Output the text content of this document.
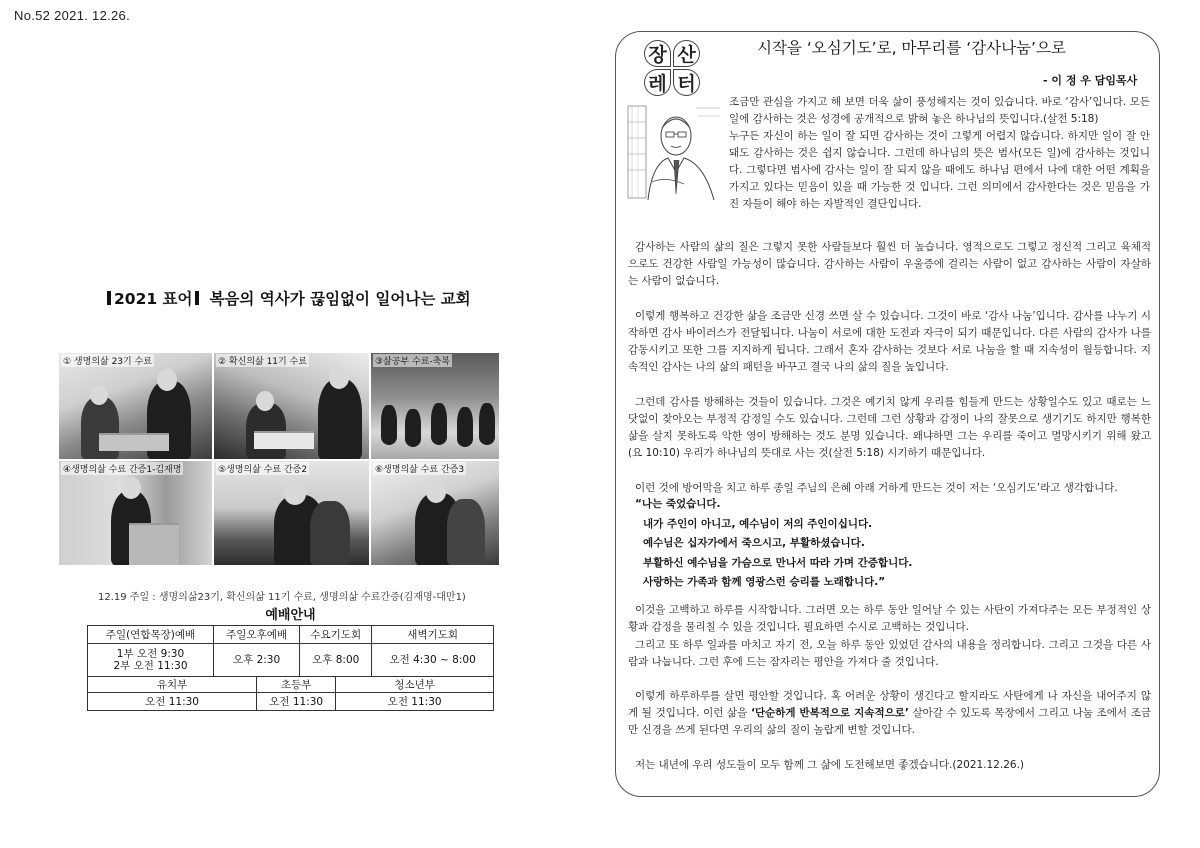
No.52 2021. 12.26.
2021 표어 복음의 역사가 끊임없이 일어나는 교회
① 생명의삶 23기 수료	② 확신의삶 11기 수료	③삶공부 수료-축복
④생명의삶 수료 간증1-김재명	⑤생명의삶 수료 간증2	⑥생명의삶 수료 간증3
12.19 주일 : 생명의삶23기, 확신의삶 11기 수료, 생명의삶 수료간증(김재명-대만1)
예배안내					
주일(연합목장)예배	주일오후예배		수요기도회		새벽기도회

1부 오전 9:30
2부 오전 11:30	오후 2:30		오후 8:00		오전 4:30 ~ 8:00
유치부		초등부		청소년부	
오전 11:30		오전 11:30		오전 11:30	
장 산
레 터
시작을 ‘오심기도’로, 마무리를 ‘감사나눔’으로
- 이 정 우 담임목사

조금만 관심을 가지고 해 보면 더욱 삶이 풍성해지는 것이 있습니다. 바로 ‘감사’입니다. 모든 일에 감사하는 것은 성경에 공개적으로 밝혀 놓은 하나님의 뜻입니다.(살전 5:18)

누구든 자신이 하는 일이 잘 되면 감사하는 것이 그렇게 어렵지 않습니다. 하지만 일이 잘 안 돼도 감사하는 것은 쉽지 않습니다. 그런데 하나님의 뜻은 범사(모든 일)에 감사하는 것입니다. 그렇다면 범사에 감사는 일이 잘 되지 않을 때에도 하나님 편에서 나에 대한 어떤 계획을 가지고 있다는 믿음이 있을 때 가능한 것 입니다. 그런 의미에서 감사한다는 것은 믿음을 가진 자들이 해야 하는 자발적인 결단입니다.

감사하는 사람의 삶의 질은 그렇지 못한 사람들보다 훨씬 더 높습니다. 영적으로도 그렇고 정신적 그리고 육체적으로도 건강한 사람일 가능성이 많습니다. 감사하는 사람이 우울증에 걸리는 사람이 없고 감사하는 사람이 자살하는 사람이 없습니다.

이렇게 행복하고 건강한 삶을 조금만 신경 쓰면 살 수 있습니다. 그것이 바로 ‘감사 나눔’입니다. 감사를 나누기 시작하면 감사 바이러스가 전달됩니다. 나눔이 서로에 대한 도전과 자극이 되기 때문입니다. 다른 사람의 감사가 나를 감동시키고 또한 그를 지지하게 됩니다. 그래서 혼자 감사하는 것보다 서로 나눔을 할 때 지속성이 월등합니다. 지속적인 감사는 나의 삶의 패턴을 바꾸고 결국 나의 삶의 질을 높입니다.

그런데 감사를 방해하는 것들이 있습니다. 그것은 예기치 않게 우리를 힘들게 만드는 상황일수도 있고 때로는 느닷없이 찾아오는 부정적 감정일 수도 있습니다. 그런데 그런 상황과 감정이 나의 잘못으로 생기기도 하지만 행복한 삶을 살지 못하도록 악한 영이 방해하는 것도 분명 있습니다. 왜냐하면 그는 우리를 죽이고 멸망시키기 위해 왔고(요 10:10) 우리가 하나님의 뜻대로 사는 것(살전 5:18) 시기하기 때문입니다.

이런 것에 방어막을 치고 하루 종일 주님의 은혜 아래 거하게 만드는 것이 저는 ‘오심기도’라고 생각합니다.

“나는 죽었습니다.

내가 주인이 아니고, 예수님이 저의 주인이십니다.

예수님은 십자가에서 죽으시고, 부활하셨습니다.

부활하신 예수님을 가슴으로 만나서 따라 가며 간증합니다.

사랑하는 가족과 함께 영광스런 승리를 노래합니다.”

이것을 고백하고 하루를 시작합니다. 그러면 오는 하루 동안 일어날 수 있는 사탄이 가져다주는 모든 부정적인 상황과 감정을 물리칠 수 있을 것입니다. 필요하면 수시로 고백하는 것입니다.

그리고 또 하루 일과를 마치고 자기 전, 오늘 하루 동안 있었던 감사의 내용을 정리합니다. 그리고 그것을 다른 사람과 나눕니다. 그런 후에 드는 잠자리는 평안을 가져다 줄 것입니다.

이렇게 하루하루를 살면 평안할 것입니다. 혹 어려운 상황이 생긴다고 할지라도 사탄에게 나 자신을 내어주지 않게 될 것입니다. 이런 삶을 ‘단순하게 반복적으로 지속적으로’ 살아갈 수 있도록 목장에서 그리고 나눔 조에서 조금만 신경을 쓰게 된다면 우리의 삶의 질이 놀랍게 변할 것입니다.

저는 내년에 우리 성도들이 모두 함께 그 삶에 도전해보면 좋겠습니다.(2021.12.26.)
